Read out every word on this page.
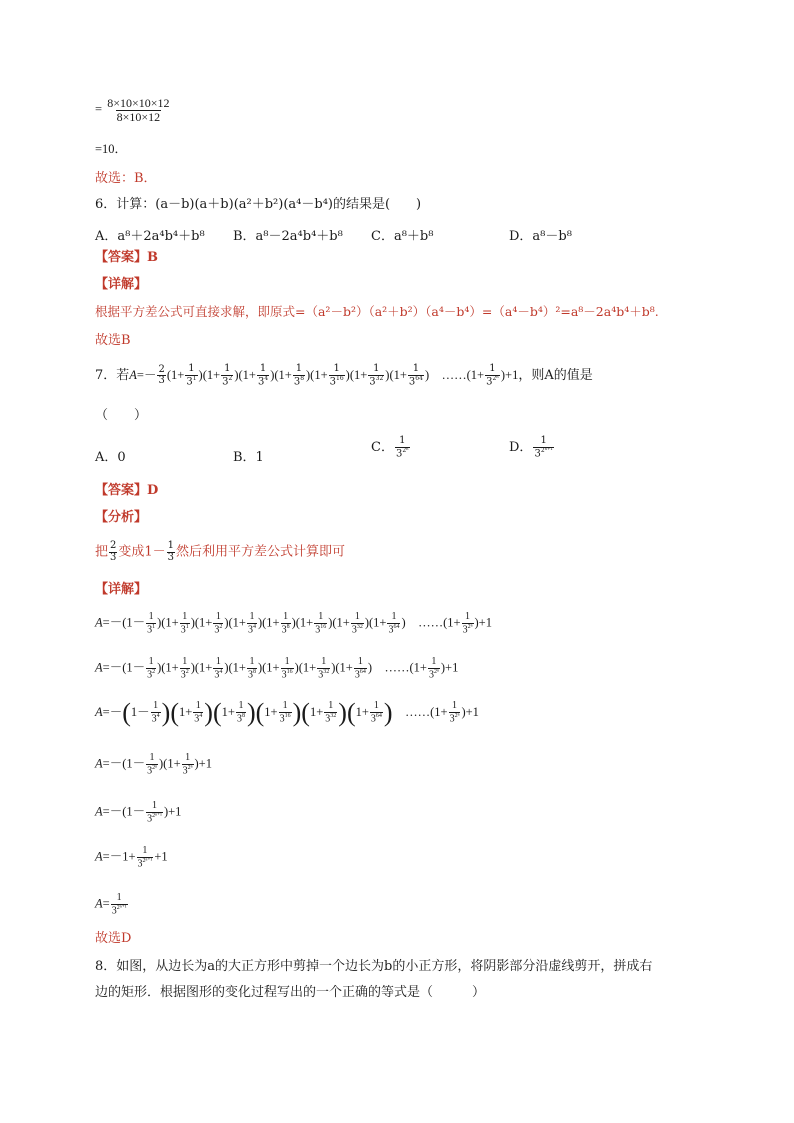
= $\frac{8\times 10\times 10\times 12}{8\times 10\times 12}$
=10．
故选：B．
6．计算：(a－b)(a＋b)(a²＋b²)(a⁴－b⁴)的结果是(　　)
A．a⁸＋2a⁴b⁴＋b⁸ B．a⁸－2a⁴b⁴＋b⁸ C．a⁸＋b⁸	D．a⁸－b⁸
【答案】B
【详解】
根据平方差公式可直接求解，即原式=（a²－b²）（a²＋b²）（a⁴－b⁴）=（a⁴－b⁴）²=a⁸－2a⁴b⁴＋b⁸.
故选B
7．若$A=- \frac{2}{3} (1+ \frac{1}{3^1} )(1+ \frac{1}{3^2} )(1+ \frac{1}{3^4} )(1+ \frac{1}{3^8} )(1+ \frac{1}{3^{16}} )(1+ \frac{1}{3^{32}} )(1+ \frac{1}{3^{64}}$ )　……(1+ $\frac{1}{3^{2^n}} )+1$，则A的值是
（　　）
A．0	B．1
C． $\frac{1}{3^{2^n}}$	D． $\frac{1}{3^{2^{n+1}}}$
【答案】D
【分析】
把 $\frac{2}{3}$ 变成$1- \frac{1}{3}$ 然后利用平方差公式计算即可
【详解】
$A=-(1- \frac{1}{3^1} )(1+ \frac{1}{3^1} )(1+ \frac{1}{3^2} )(1+ \frac{1}{3^4} )(1+ \frac{1}{3^8} )(1+ \frac{1}{3^{16}} )(1+ \frac{1}{3^{32}} )(1+ \frac{1}{3^{64}}$ )　……(1+ $\frac{1}{3^{2^n}} )+1$
$A=-(1- \frac{1}{3^2} )(1+ \frac{1}{3^2} )(1+ \frac{1}{3^4} )(1+ \frac{1}{3^8} )(1+ \frac{1}{3^{16}} )(1+ \frac{1}{3^{32}} )(1+ \frac{1}{3^{64}}$ )　……(1+ $\frac{1}{3^{2^n}} )+1$
$A=-(1- \frac{1}{3^4} )(1+ \frac{1}{3^4} )(1+ \frac{1}{3^8} )(1+ \frac{1}{3^{16}} )(1+ \frac{1}{3^{32}} )(1+ \frac{1}{3^{64}}$ )　……(1+ $\frac{1}{3^{2^n}} )+1$
$A=-(1- \frac{1}{3^{2^n}} )(1+ \frac{1}{3^{2^n}} )+1$
$A=-(1- \frac{1}{3^{2^{n+1}}} )+1$
$A=-1+ \frac{1}{3^{2^{n+1}}} +1$
$A= \frac{1}{3^{2^{n+1}}}$
故选D
8．如图，从边长为a的大正方形中剪掉一个边长为b的小正方形，将阴影部分沿虚线剪开，拼成右
边的矩形．根据图形的变化过程写出的一个正确的等式是（　　　）
